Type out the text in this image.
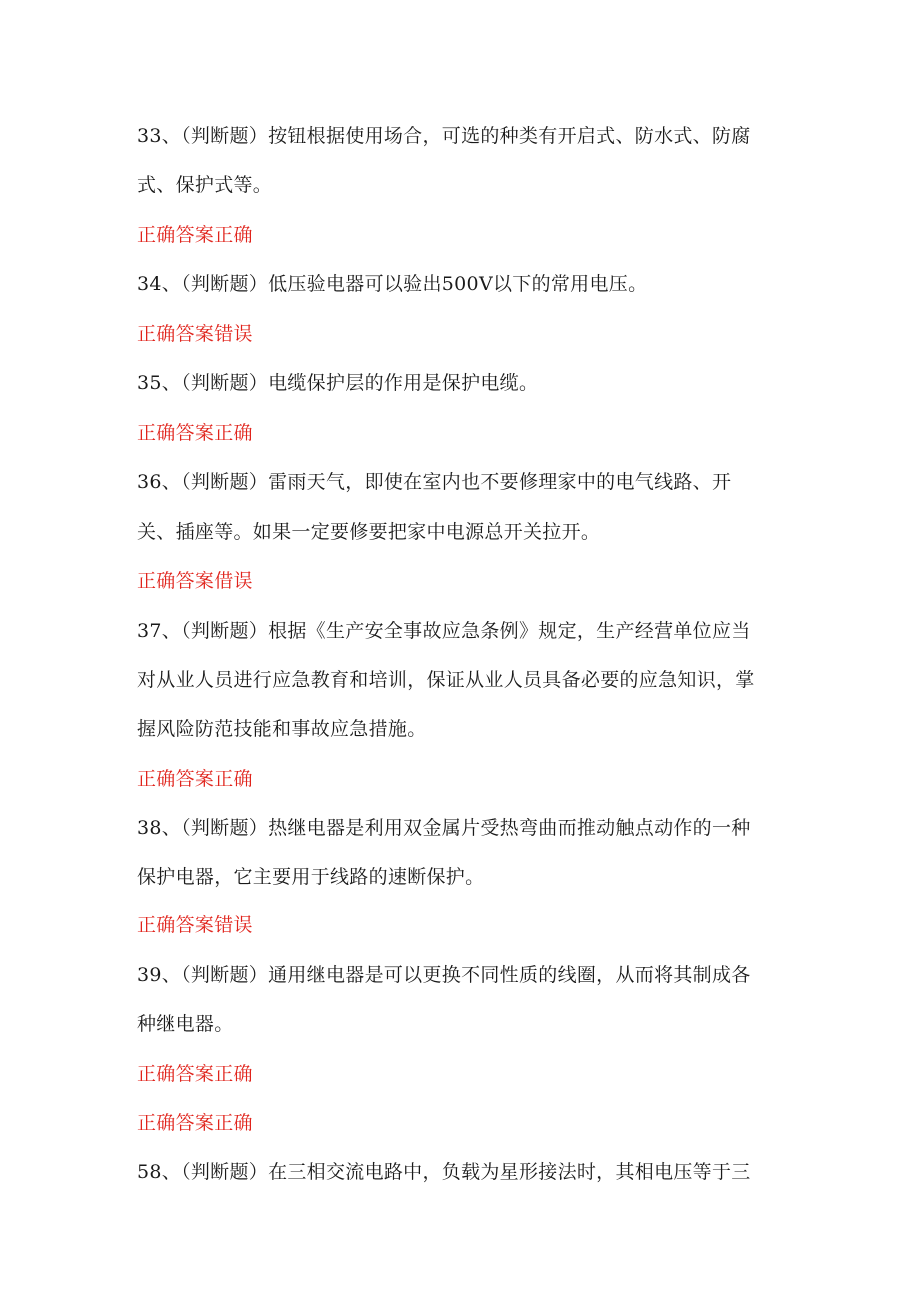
33、（判断题）按钮根据使用场合，可选的种类有开启式、防水式、防腐
式、保护式等。
正确答案正确
34、（判断题）低压验电器可以验出500V以下的常用电压。
正确答案错误
35、（判断题）电缆保护层的作用是保护电缆。
正确答案正确
36、（判断题）雷雨天气，即使在室内也不要修理家中的电气线路、开
关、插座等。如果一定要修要把家中电源总开关拉开。
正确答案借误
37、（判断题）根据《生产安全事故应急条例》规定，生产经营单位应当
对从业人员进行应急教育和培训，保证从业人员具备必要的应急知识，掌
握风险防范技能和事故应急措施。
正确答案正确
38、（判断题）热继电器是利用双金属片受热弯曲而推动触点动作的一种
保护电器，它主要用于线路的速断保护。
正确答案错误
39、（判断题）通用继电器是可以更换不同性质的线圈，从而将其制成各
种继电器。
正确答案正确
正确答案正确
58、（判断题）在三相交流电路中，负载为星形接法时，其相电压等于三
